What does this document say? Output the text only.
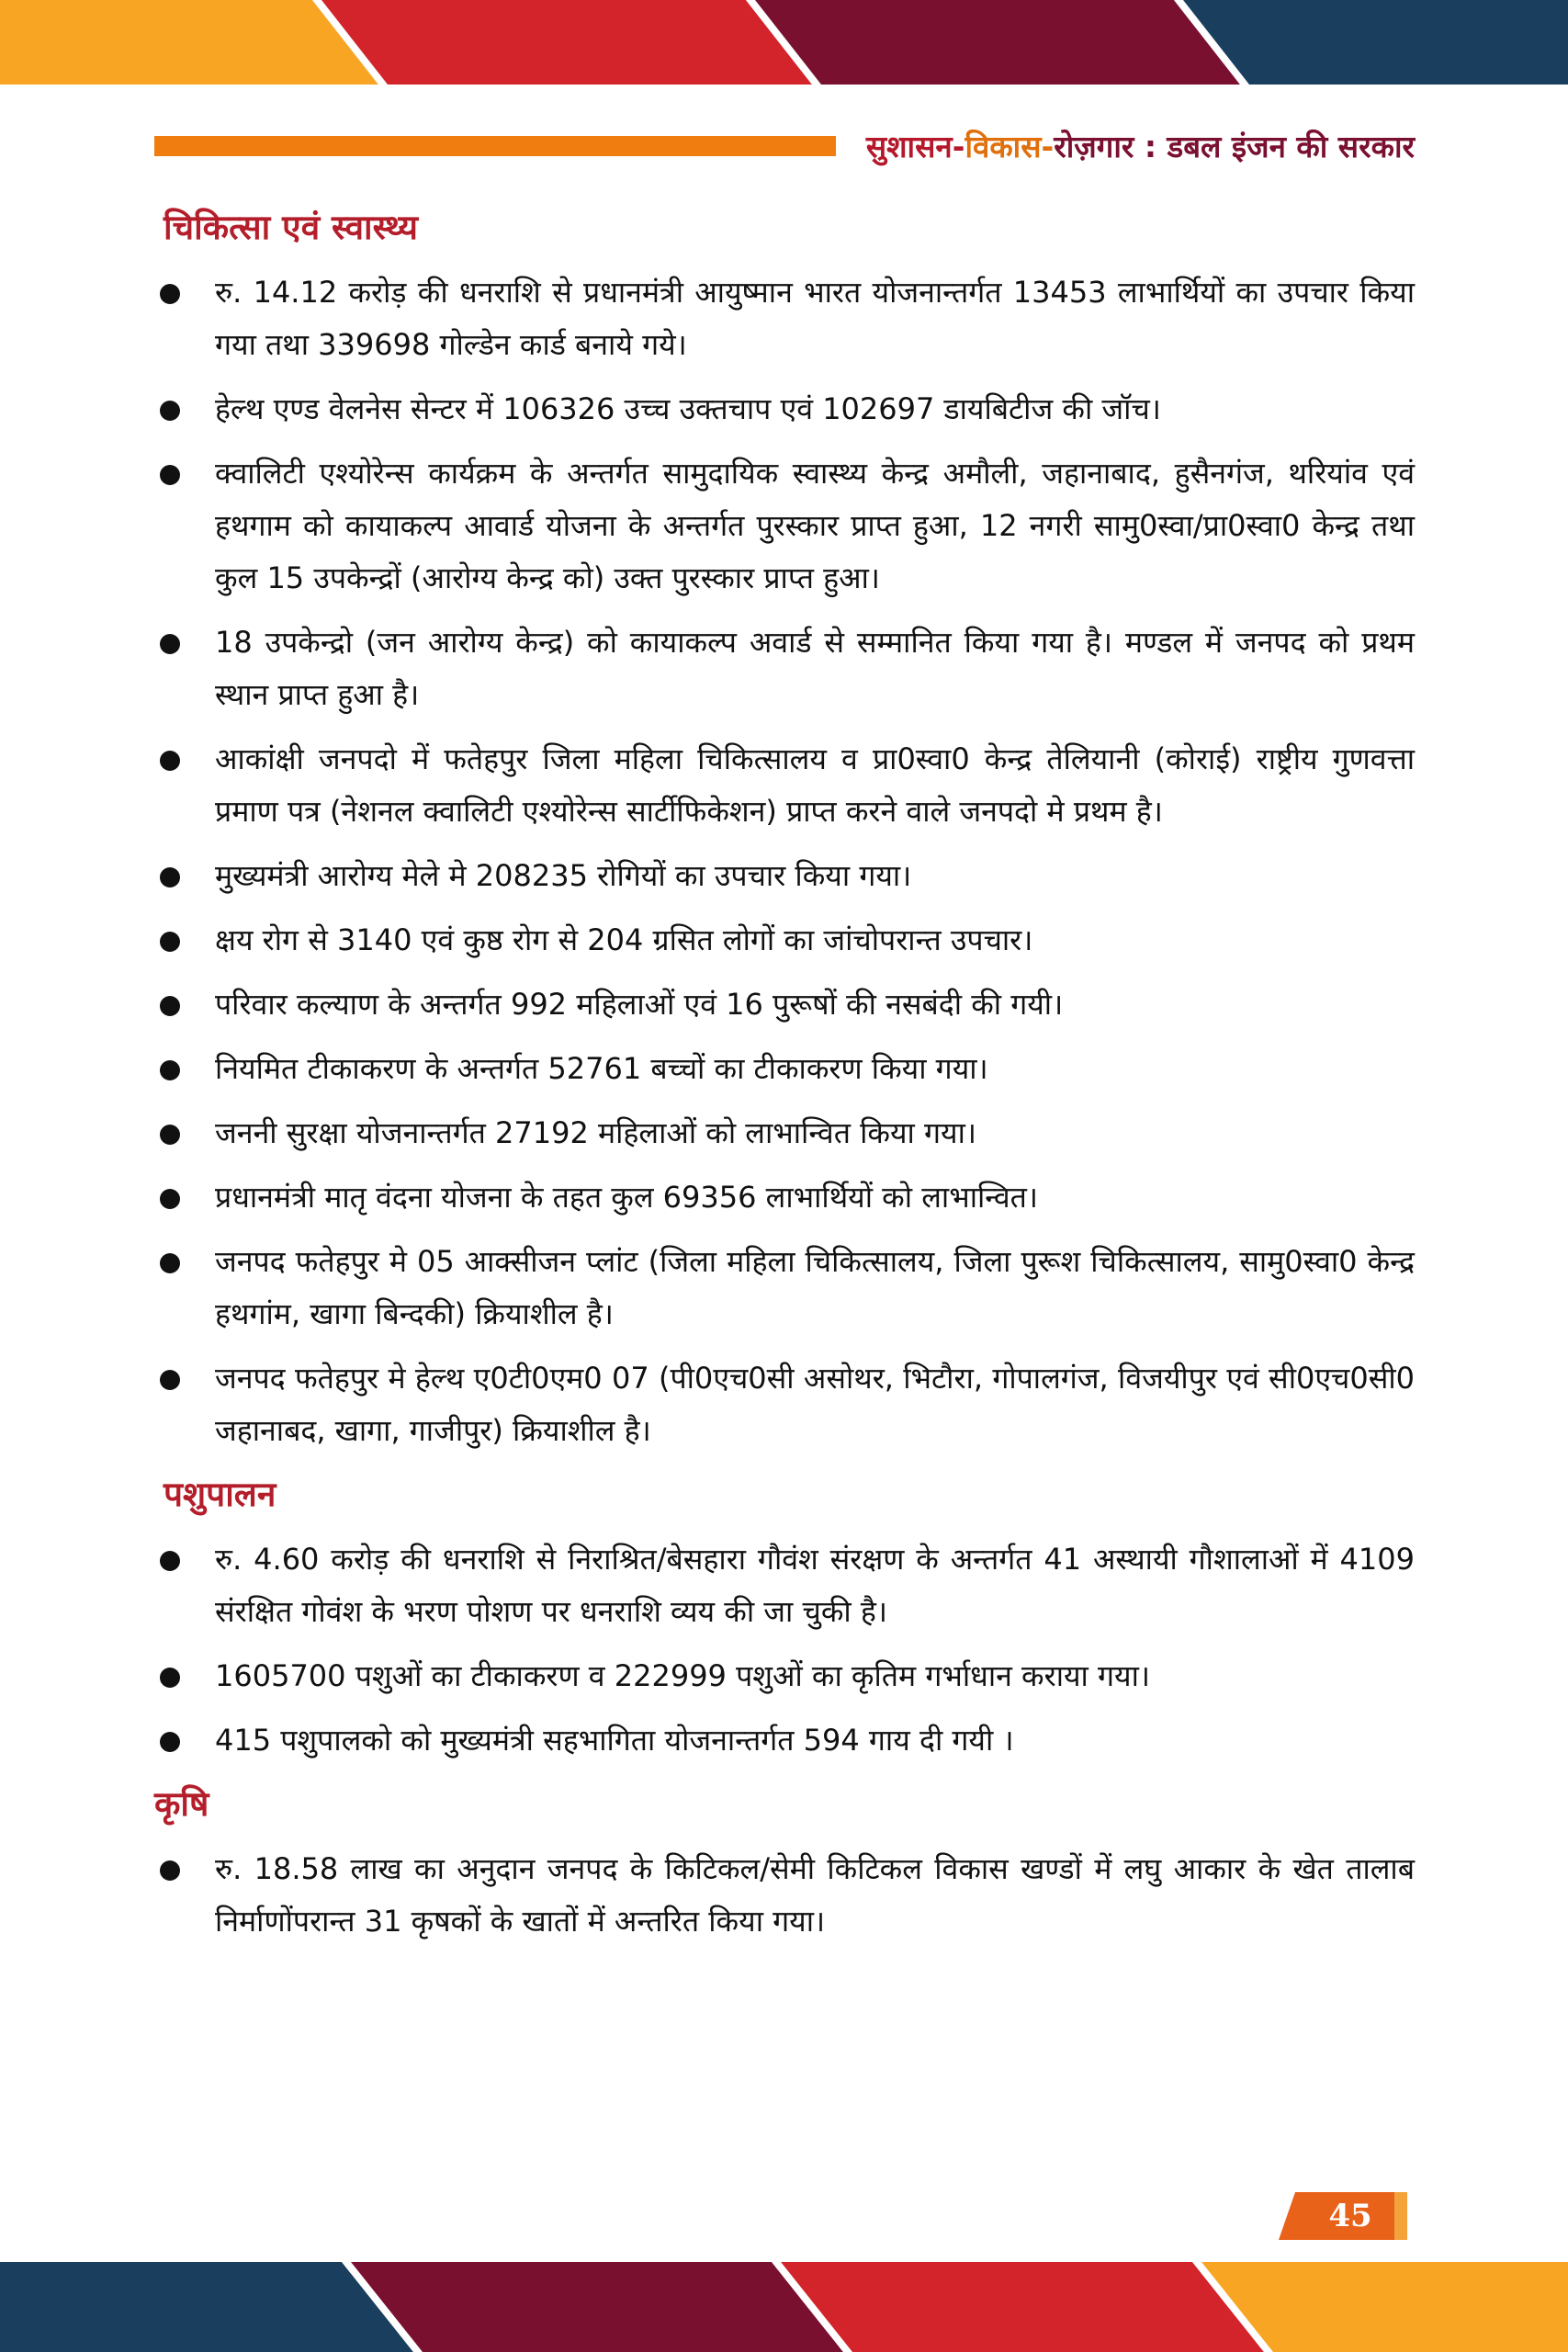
सुशासन- विकास- रोज़गार : डबल इंजन की सरकार
चिकित्सा एवं स्वास्थ्य
रु. 14.12 करोड़ की धनराशि से प्रधानमंत्री आयुष्मान भारत योजनान्तर्गत 13453 लाभार्थियों का उपचार किया गया तथा 339698 गोल्डेन कार्ड बनाये गये।
हेल्थ एण्ड वेलनेस सेन्टर में 106326 उच्च उक्तचाप एवं 102697 डायबिटीज की जॉच।
क्वालिटी एश्योरेन्स कार्यक्रम के अन्तर्गत सामुदायिक स्वास्थ्य केन्द्र अमौली, जहानाबाद, हुसैनगंज, थरियांव एवं हथगाम को कायाकल्प आवार्ड योजना के अन्तर्गत पुरस्कार प्राप्त हुआ, 12 नगरी सामु0स्वा/प्रा0स्वा0 केन्द्र तथा कुल 15 उपकेन्द्रों (आरोग्य केन्द्र को) उक्त पुरस्कार प्राप्त हुआ।
18 उपकेन्द्रो (जन आरोग्य केन्द्र) को कायाकल्प अवार्ड से सम्मानित किया गया है। मण्डल में जनपद को प्रथम स्थान प्राप्त हुआ है।
आकांक्षी जनपदो में फतेहपुर जिला महिला चिकित्सालय व प्रा0स्वा0 केन्द्र तेलियानी (कोराई) राष्ट्रीय गुणवत्ता प्रमाण पत्र (नेशनल क्वालिटी एश्योरेन्स सार्टीफिकेशन) प्राप्त करने वाले जनपदो मे प्रथम है।
मुख्यमंत्री आरोग्य मेले मे 208235 रोगियों का उपचार किया गया।
क्षय रोग से 3140 एवं कुष्ठ रोग से 204 ग्रसित लोगों का जांचोपरान्त उपचार।
परिवार कल्याण के अन्तर्गत 992 महिलाओं एवं 16 पुरूषों की नसबंदी की गयी।
नियमित टीकाकरण के अन्तर्गत 52761 बच्चों का टीकाकरण किया गया।
जननी सुरक्षा योजनान्तर्गत 27192 महिलाओं को लाभान्वित किया गया।
प्रधानमंत्री मातृ वंदना योजना के तहत कुल 69356 लाभार्थियों को लाभान्वित।
जनपद फतेहपुर मे 05 आक्सीजन प्लांट (जिला महिला चिकित्सालय, जिला पुरूश चिकित्सालय, सामु0स्वा0 केन्द्र हथगांम, खागा बिन्दकी) क्रियाशील है।
जनपद फतेहपुर मे हेल्थ ए0टी0एम0 07 (पी0एच0सी असोथर, भिटौरा, गोपालगंज, विजयीपुर एवं सी0एच0सी0 जहानाबद, खागा, गाजीपुर) क्रियाशील है।
पशुपालन
रु. 4.60 करोड़ की धनराशि से निराश्रित/बेसहारा गौवंश संरक्षण के अन्तर्गत 41 अस्थायी गौशालाओं में 4109 संरक्षित गोवंश के भरण पोशण पर धनराशि व्यय की जा चुकी है।
1605700 पशुओं का टीकाकरण व 222999 पशुओं का कृतिम गर्भाधान कराया गया।
415 पशुपालको को मुख्यमंत्री सहभागिता योजनान्तर्गत 594 गाय दी गयी ।
कृषि
रु. 18.58 लाख का अनुदान जनपद के किटिकल/सेमी किटिकल विकास खण्डों में लघु आकार के खेत तालाब निर्माणोंपरान्त 31 कृषकों के खातों में अन्तरित किया गया।
45
